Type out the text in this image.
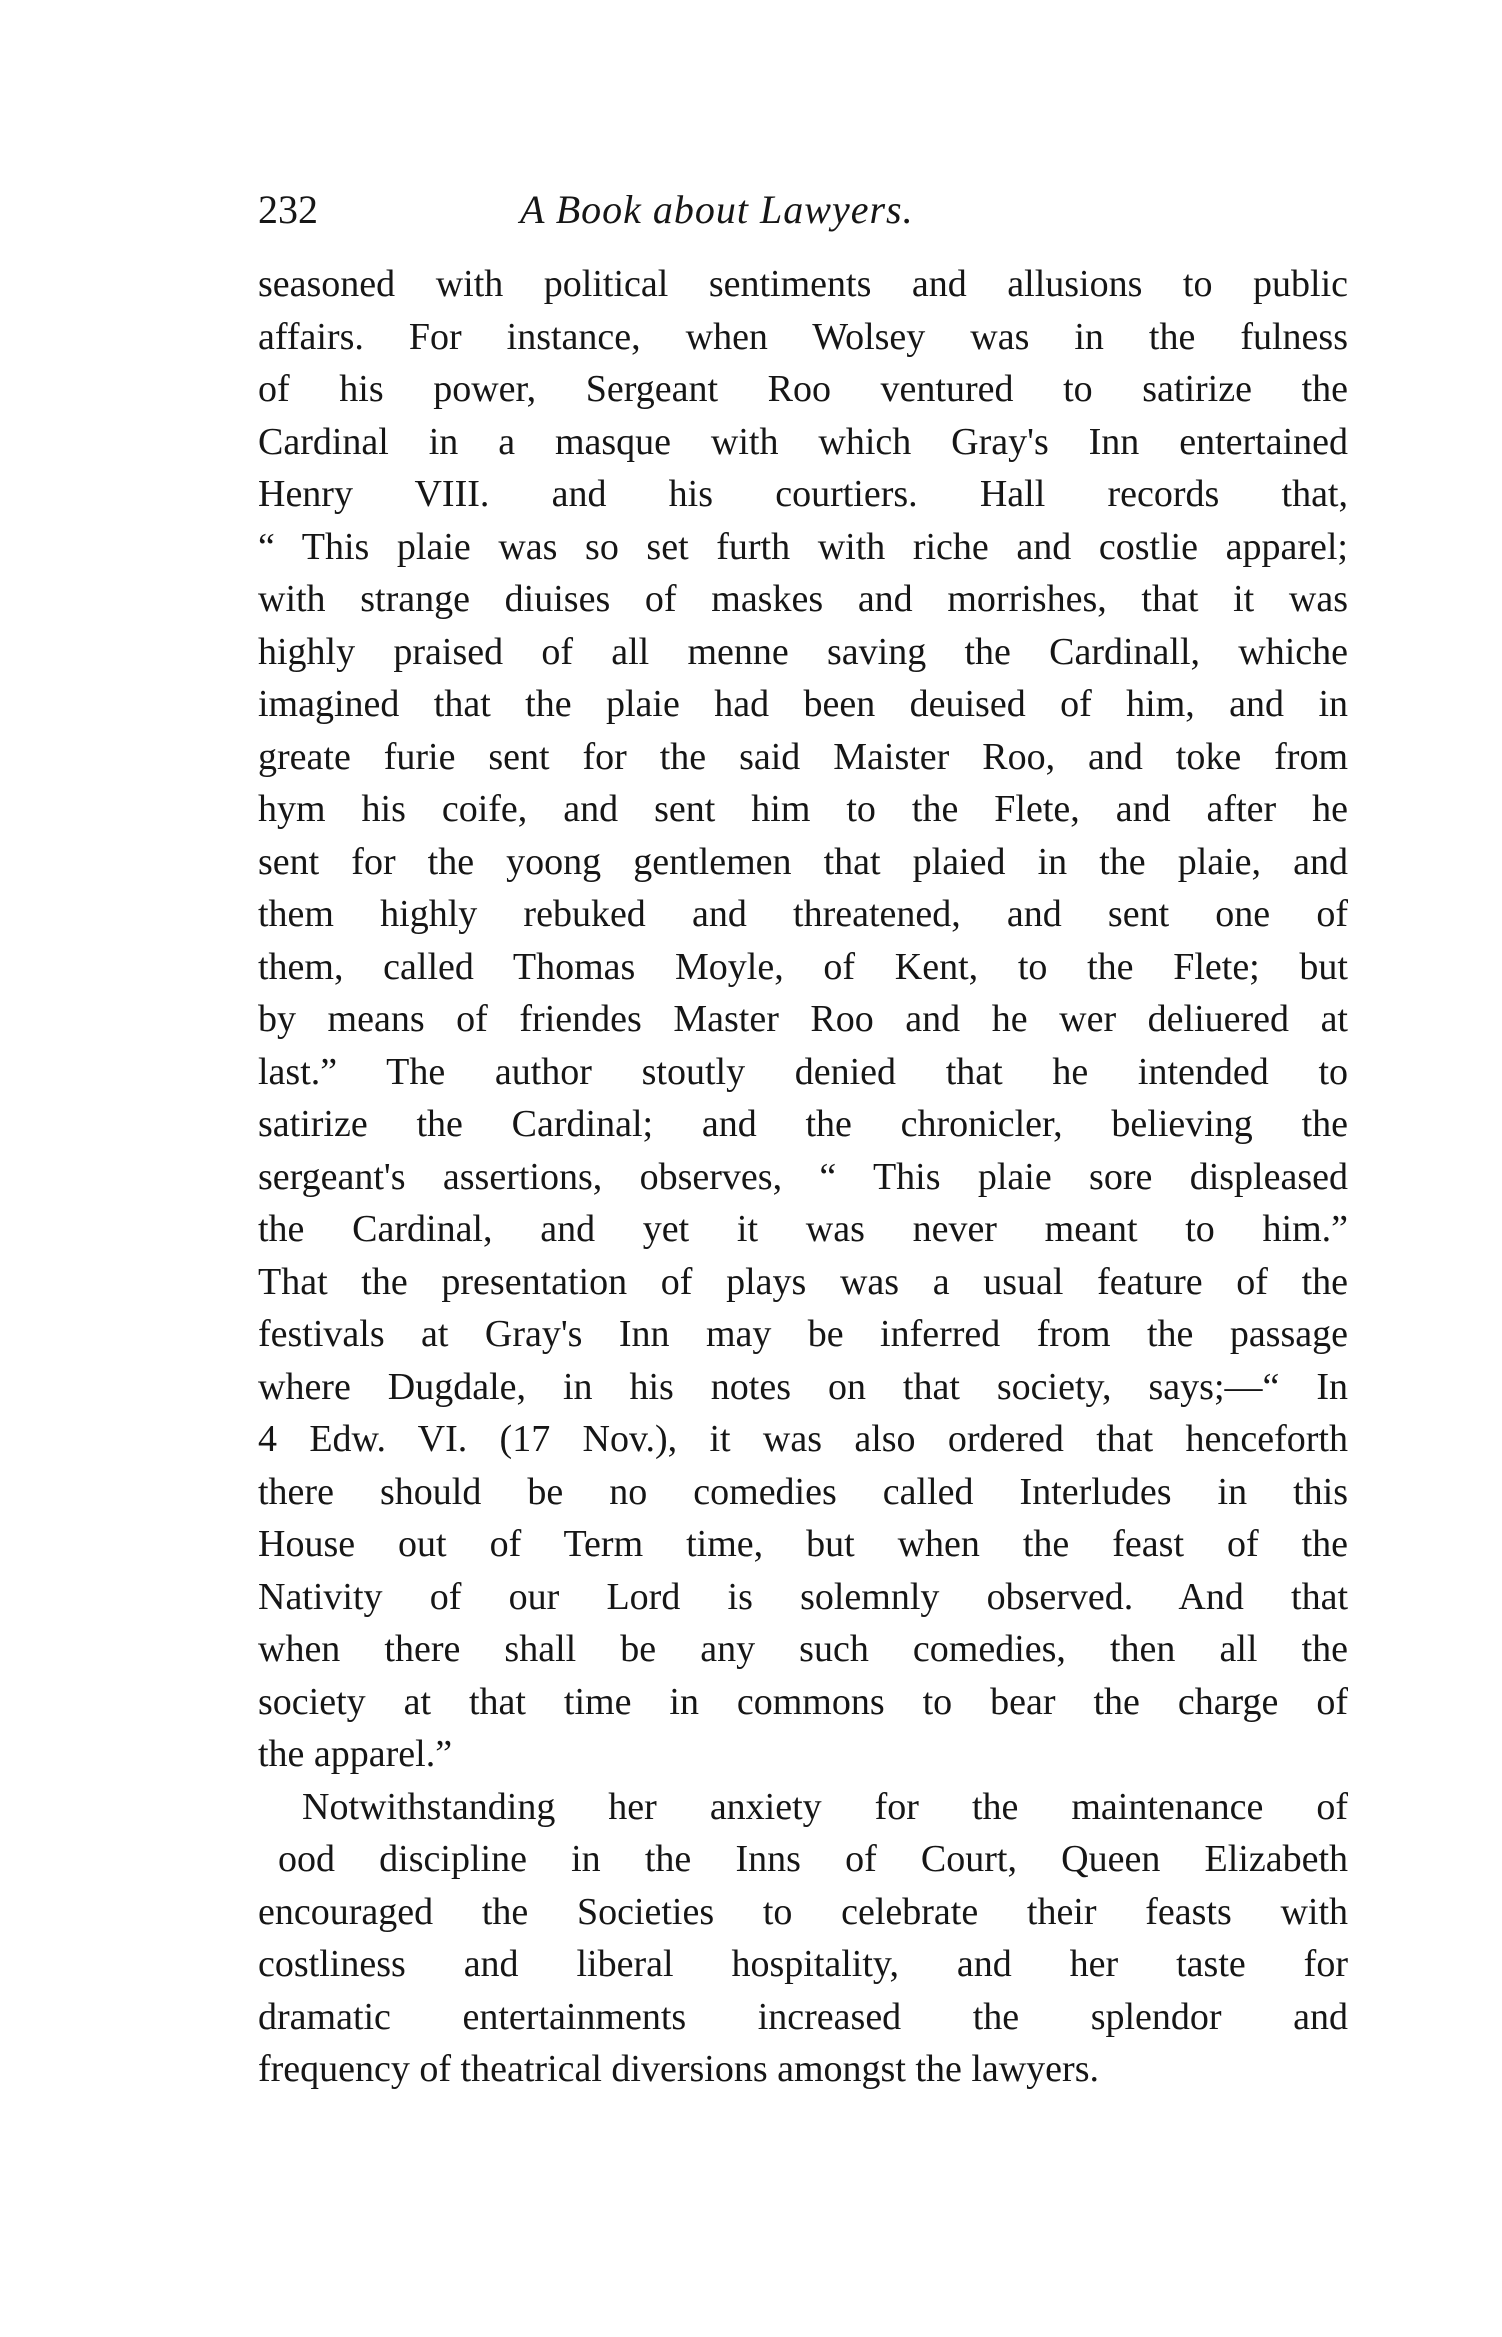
232	A Book about Lawyers.
seasoned with political sentiments and allusions to public
affairs. For instance, when Wolsey was in the fulness
of his power, Sergeant Roo ventured to satirize the
Cardinal in a masque with which Gray's Inn entertained
Henry VIII. and his courtiers. Hall records that,
“ This plaie was so set furth with riche and costlie apparel;
with strange diuises of maskes and morrishes, that it was
highly praised of all menne saving the Cardinall, whiche
imagined that the plaie had been deuised of him, and in
greate furie sent for the said Maister Roo, and toke from
hym his coife, and sent him to the Flete, and after he
sent for the yoong gentlemen that plaied in the plaie, and
them highly rebuked and threatened, and sent one of
them, called Thomas Moyle, of Kent, to the Flete; but
by means of friendes Master Roo and he wer deliuered at
last.” The author stoutly denied that he intended to
satirize the Cardinal; and the chronicler, believing the
sergeant's assertions, observes, “ This plaie sore displeased
the Cardinal, and yet it was never meant to him.”
That the presentation of plays was a usual feature of the
festivals at Gray's Inn may be inferred from the passage
where Dugdale, in his notes on that society, says;—“ In
4 Edw. VI. (17 Nov.), it was also ordered that henceforth
there should be no comedies called Interludes in this
House out of Term time, but when the feast of the
Nativity of our Lord is solemnly observed. And that
when there shall be any such comedies, then all the
society at that time in commons to bear the charge of
the apparel.”
Notwithstanding her anxiety for the maintenance of
ood discipline in the Inns of Court, Queen Elizabeth
encouraged the Societies to celebrate their feasts with
costliness and liberal hospitality, and her taste for
dramatic entertainments increased the splendor and
frequency of theatrical diversions amongst the lawyers.
